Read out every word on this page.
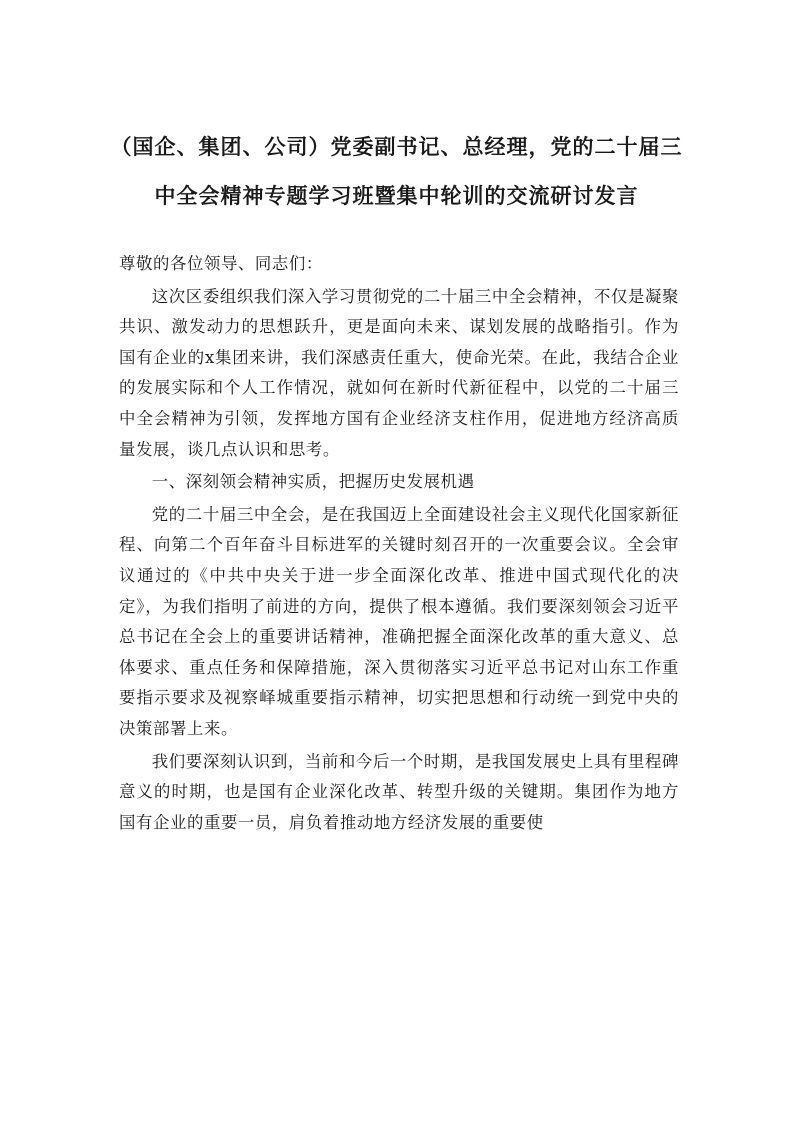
（国企、集团、公司）党委副书记、总经理，党的二十届三
中全会精神专题学习班暨集中轮训的交流研讨发言
尊敬的各位领导、同志们：

这次区委组织我们深入学习贯彻党的二十届三中全会精神，不仅是凝聚共识、激发动力的思想跃升，更是面向未来、谋划发展的战略指引。作为国有企业的x集团来讲，我们深感责任重大，使命光荣。在此，我结合企业的发展实际和个人工作情况，就如何在新时代新征程中，以党的二十届三中全会精神为引领，发挥地方国有企业经济支柱作用，促进地方经济高质量发展，谈几点认识和思考。

一、深刻领会精神实质，把握历史发展机遇

党的二十届三中全会，是在我国迈上全面建设社会主义现代化国家新征程、向第二个百年奋斗目标进军的关键时刻召开的一次重要会议。全会审议通过的《中共中央关于进一步全面深化改革、推进中国式现代化的决定》，为我们指明了前进的方向，提供了根本遵循。我们要深刻领会习近平总书记在全会上的重要讲话精神，准确把握全面深化改革的重大意义、总体要求、重点任务和保障措施，深入贯彻落实习近平总书记对山东工作重要指示要求及视察峄城重要指示精神，切实把思想和行动统一到党中央的决策部署上来。

我们要深刻认识到，当前和今后一个时期，是我国发展史上具有里程碑意义的时期，也是国有企业深化改革、转型升级的关键期。集团作为地方国有企业的重要一员，肩负着推动地方经济发展的重要使
